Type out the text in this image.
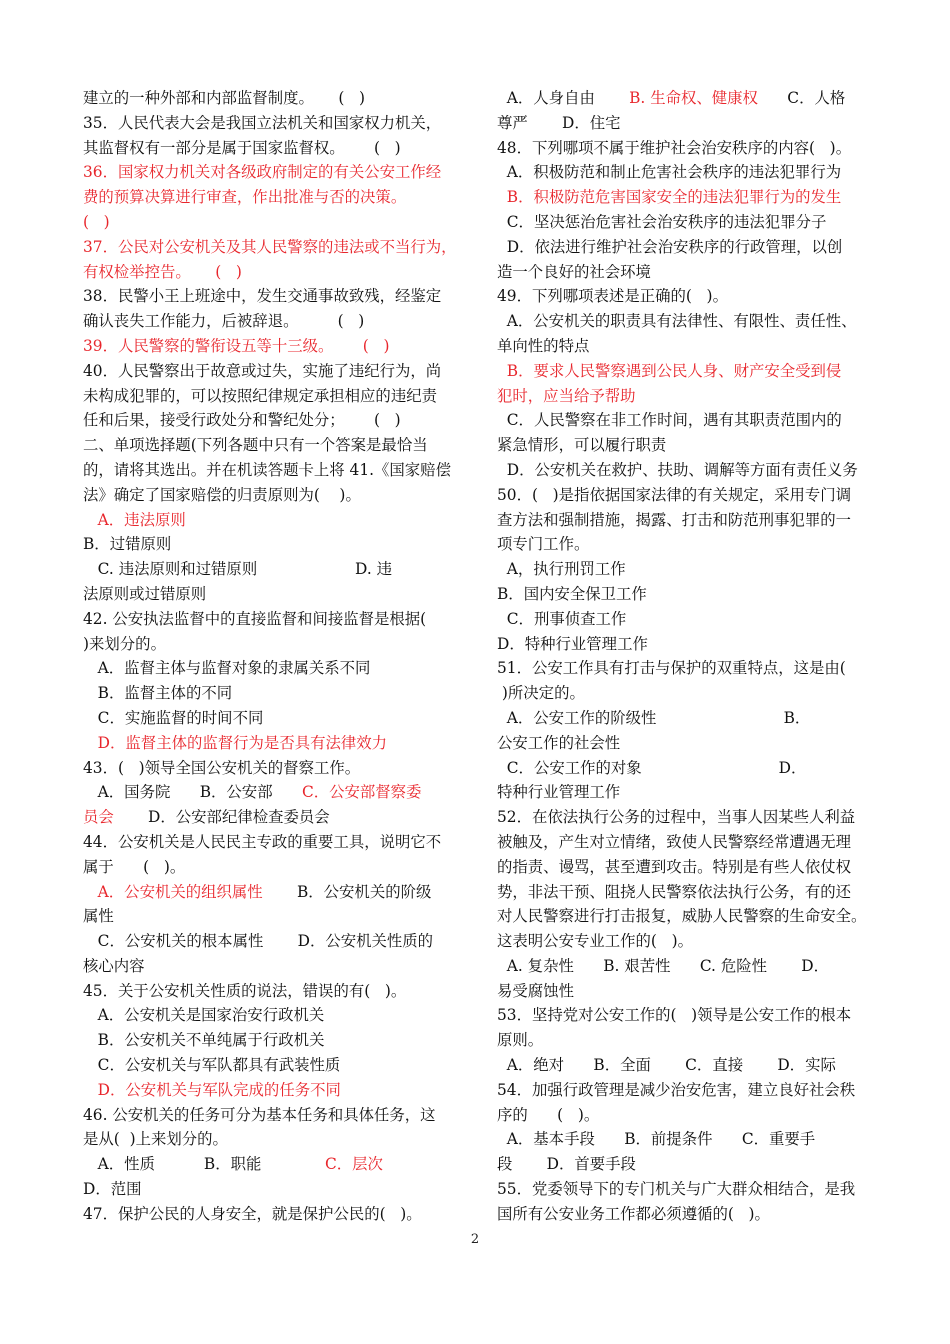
建立的一种外部和内部监督制度。     (   )
35．人民代表大会是我国立法机关和国家权力机关，
其监督权有一部分是属于国家监督权。      (   )
36．国家权力机关对各级政府制定的有关公安工作经
费的预算决算进行审查，作出批准与否的决策。
(   )
37．公民对公安机关及其人民警察的违法或不当行为，
有权检举控告。     (   )
38．民警小王上班途中，发生交通事故致残，经鉴定
确认丧失工作能力，后被辞退。        (   )
39．人民警察的警衔设五等十三级。      (   )
40．人民警察出于故意或过失，实施了违纪行为，尚
未构成犯罪的，可以按照纪律规定承担相应的违纪责
任和后果，接受行政处分和警纪处分；      (   )
二、单项选择题(下列各题中只有一个答案是最恰当
的，请将其选出。并在机读答题卡上将 41.《国家赔偿
法》确定了国家赔偿的归责原则为(    )。
A．违法原则
B．过错原则
C. 违法原则和过错原则                    D. 违
法原则或过错原则
42. 公安执法监督中的直接监督和间接监督是根据(
)来划分的。
A．监督主体与监督对象的隶属关系不同
B．监督主体的不同
C．实施监督的时间不同
D．监督主体的监督行为是否具有法律效力
43．(   )领导全国公安机关的督察工作。
A．国务院      B．公安部      C．公安部督察委
员会       D．公安部纪律检查委员会
44．公安机关是人民民主专政的重要工具，说明它不
属于      (   )。
A．公安机关的组织属性       B．公安机关的阶级
属性
C．公安机关的根本属性       D．公安机关性质的
核心内容
45．关于公安机关性质的说法，错误的有(   )。
A．公安机关是国家治安行政机关
B．公安机关不单纯属于行政机关
C．公安机关与军队都具有武装性质
D．公安机关与军队完成的任务不同
46. 公安机关的任务可分为基本任务和具体任务，这
是从(  )上来划分的。
A．性质          B．职能             C．层次
D．范围
47．保护公民的人身安全，就是保护公民的(   )。
A．人身自由       B. 生命权、健康权      C．人格
尊严       D．住宅
48．下列哪项不属于维护社会治安秩序的内容(   )。
A．积极防范和制止危害社会秩序的违法犯罪行为
B．积极防范危害国家安全的违法犯罪行为的发生
C．坚决惩治危害社会治安秩序的违法犯罪分子
D．依法进行维护社会治安秩序的行政管理，以创
造一个良好的社会环境
49．下列哪项表述是正确的(   )。
A．公安机关的职责具有法律性、有限性、责任性、
单向性的特点
B．要求人民警察遇到公民人身、财产安全受到侵
犯时，应当给予帮助
C．人民警察在非工作时间，遇有其职责范围内的
紧急情形，可以履行职责
D．公安机关在救护、扶助、调解等方面有责任义务
50．(   )是指依据国家法律的有关规定，采用专门调
查方法和强制措施，揭露、打击和防范刑事犯罪的一
项专门工作。
A，执行刑罚工作
B．国内安全保卫工作
C．刑事侦查工作
D．特种行业管理工作
51．公安工作具有打击与保护的双重特点，这是由(
)所决定的。
A．公安工作的阶级性                          B．
公安工作的社会性
C．公安工作的对象                            D．
特种行业管理工作
52．在依法执行公务的过程中，当事人因某些人利益
被触及，产生对立情绪，致使人民警察经常遭遇无理
的指责、谩骂，甚至遭到攻击。特别是有些人依仗权
势，非法干预、阻挠人民警察依法执行公务，有的还
对人民警察进行打击报复，威胁人民警察的生命安全。
这表明公安专业工作的(   )。
A. 复杂性      B. 艰苦性      C. 危险性       D．
易受腐蚀性
53．坚持党对公安工作的(   )领导是公安工作的根本
原则。
A．绝对      B．全面       C．直接       D．实际
54．加强行政管理是减少治安危害，建立良好社会秩
序的      (   )。
A．基本手段      B．前提条件      C．重要手
段       D．首要手段
55．党委领导下的专门机关与广大群众相结合，是我
国所有公安业务工作都必须遵循的(   )。
2
